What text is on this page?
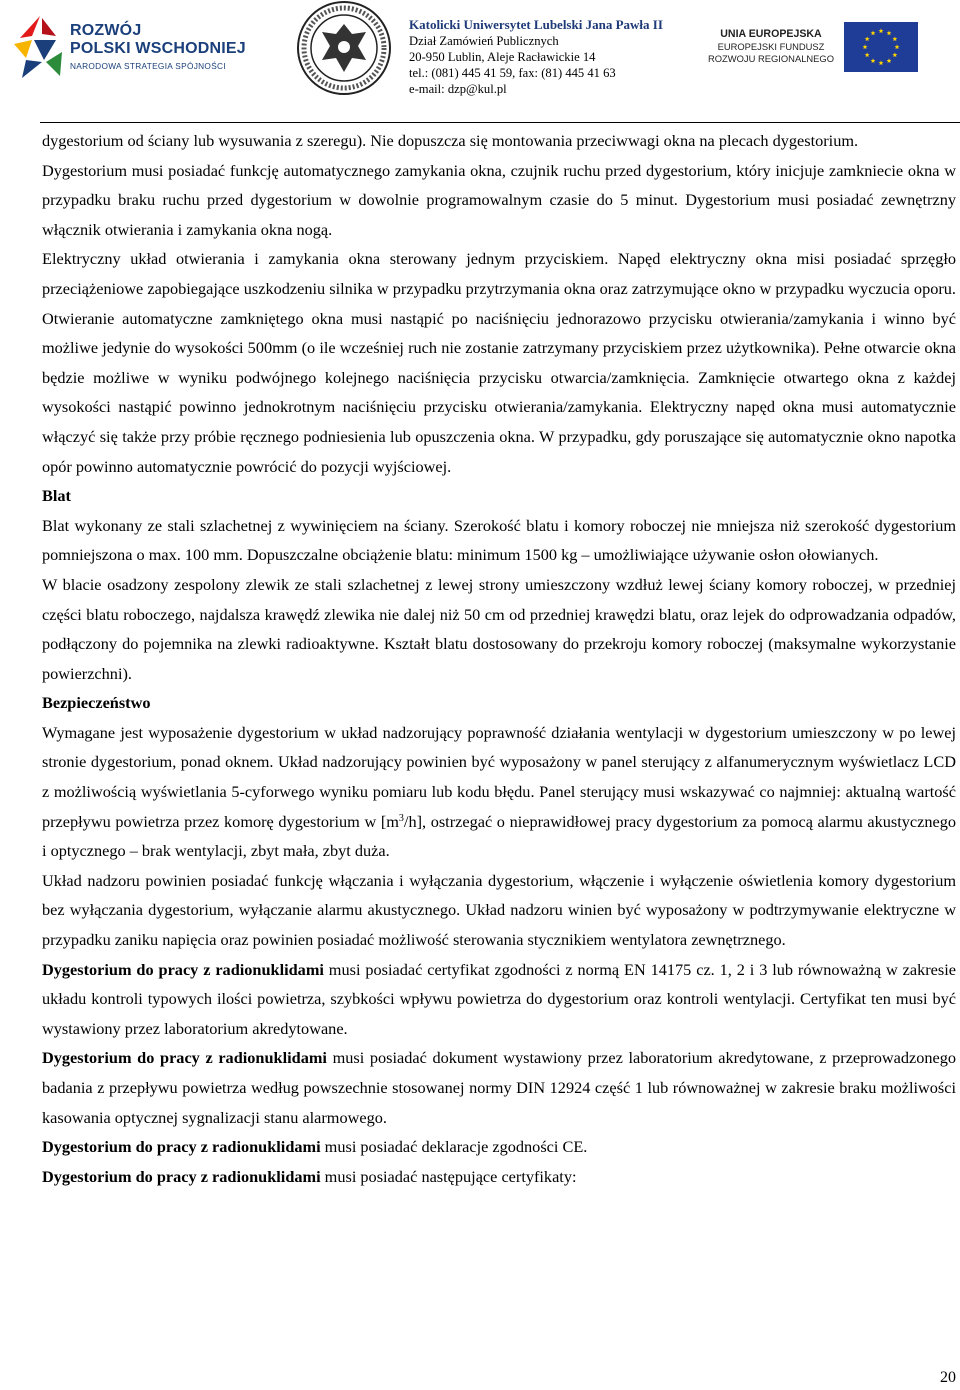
ROZWÓJ
POLSKI WSCHODNIEJ
NARODOWA STRATEGIA SPÓJNOŚCI
Katolicki Uniwersytet Lubelski Jana Pawła II
Dział Zamówień Publicznych
20-950 Lublin, Aleje Racławickie 14
tel.: (081) 445 41 59, fax: (81) 445 41 63
e-mail: dzp@kul.pl
UNIA EUROPEJSKA
EUROPEJSKI FUNDUSZ
ROZWOJU REGIONALNEGO

dygestorium od ściany lub wysuwania z szeregu). Nie dopuszcza się montowania przeciwwagi okna na plecach dygestorium.

Dygestorium musi posiadać funkcję automatycznego zamykania okna, czujnik ruchu przed dygestorium, który inicjuje zamkniecie okna w przypadku braku ruchu przed dygestorium w dowolnie programowalnym czasie do 5 minut. Dygestorium musi posiadać zewnętrzny włącznik otwierania i zamykania okna nogą.

Elektryczny układ otwierania i zamykania okna sterowany jednym przyciskiem. Napęd elektryczny okna misi posiadać sprzęgło przeciążeniowe zapobiegające uszkodzeniu silnika w przypadku przytrzymania okna oraz zatrzymujące okno w przypadku wyczucia oporu. Otwieranie automatyczne zamkniętego okna musi nastąpić po naciśnięciu jednorazowo przycisku otwierania/zamykania i winno być możliwe jedynie do wysokości 500mm (o ile wcześniej ruch nie zostanie zatrzymany przyciskiem przez użytkownika). Pełne otwarcie okna będzie możliwe w wyniku podwójnego kolejnego naciśnięcia przycisku otwarcia/zamknięcia. Zamknięcie otwartego okna z każdej wysokości nastąpić powinno jednokrotnym naciśnięciu przycisku otwierania/zamykania. Elektryczny napęd okna musi automatycznie włączyć się także przy próbie ręcznego podniesienia lub opuszczenia okna. W przypadku, gdy poruszające się automatycznie okno napotka opór powinno automatycznie powrócić do pozycji wyjściowej.

Blat

Blat wykonany ze stali szlachetnej z wywinięciem na ściany. Szerokość blatu i komory roboczej nie mniejsza niż szerokość dygestorium pomniejszona o max. 100 mm. Dopuszczalne obciążenie blatu: minimum 1500 kg – umożliwiające używanie osłon ołowianych.

W blacie osadzony zespolony zlewik ze stali szlachetnej z lewej strony umieszczony wzdłuż lewej ściany komory roboczej, w przedniej części blatu roboczego, najdalsza krawędź zlewika nie dalej niż 50 cm od przedniej krawędzi blatu, oraz lejek do odprowadzania odpadów, podłączony do pojemnika na zlewki radioaktywne. Kształt blatu dostosowany do przekroju komory roboczej (maksymalne wykorzystanie powierzchni).

Bezpieczeństwo

Wymagane jest wyposażenie dygestorium w układ nadzorujący poprawność działania wentylacji w dygestorium umieszczony w po lewej stronie dygestorium, ponad oknem. Układ nadzorujący powinien być wyposażony w panel sterujący z alfanumerycznym wyświetlacz LCD z możliwością wyświetlania 5-cyforwego wyniku pomiaru lub kodu błędu. Panel sterujący musi wskazywać co najmniej: aktualną wartość przepływu powietrza przez komorę dygestorium w $[m^3/h]$, ostrzegać o nieprawidłowej pracy dygestorium za pomocą alarmu akustycznego i optycznego – brak wentylacji, zbyt mała, zbyt duża.

Układ nadzoru powinien posiadać funkcję włączania i wyłączania dygestorium, włączenie i wyłączenie oświetlenia komory dygestorium bez wyłączania dygestorium, wyłączanie alarmu akustycznego. Układ nadzoru winien być wyposażony w podtrzymywanie elektryczne w przypadku zaniku napięcia oraz powinien posiadać możliwość sterowania stycznikiem wentylatora zewnętrznego.

Dygestorium do pracy z radionuklidami musi posiadać certyfikat zgodności z normą EN 14175 cz. 1, 2 i 3 lub równoważną w zakresie układu kontroli typowych ilości powietrza, szybkości wpływu powietrza do dygestorium oraz kontroli wentylacji. Certyfikat ten musi być wystawiony przez laboratorium akredytowane.

Dygestorium do pracy z radionuklidami musi posiadać dokument wystawiony przez laboratorium akredytowane, z przeprowadzonego badania z przepływu powietrza według powszechnie stosowanej normy DIN 12924 część 1 lub równoważnej w zakresie braku możliwości kasowania optycznej sygnalizacji stanu alarmowego.

Dygestorium do pracy z radionuklidami musi posiadać deklaracje zgodności CE.

Dygestorium do pracy z radionuklidami musi posiadać następujące certyfikaty:

20
